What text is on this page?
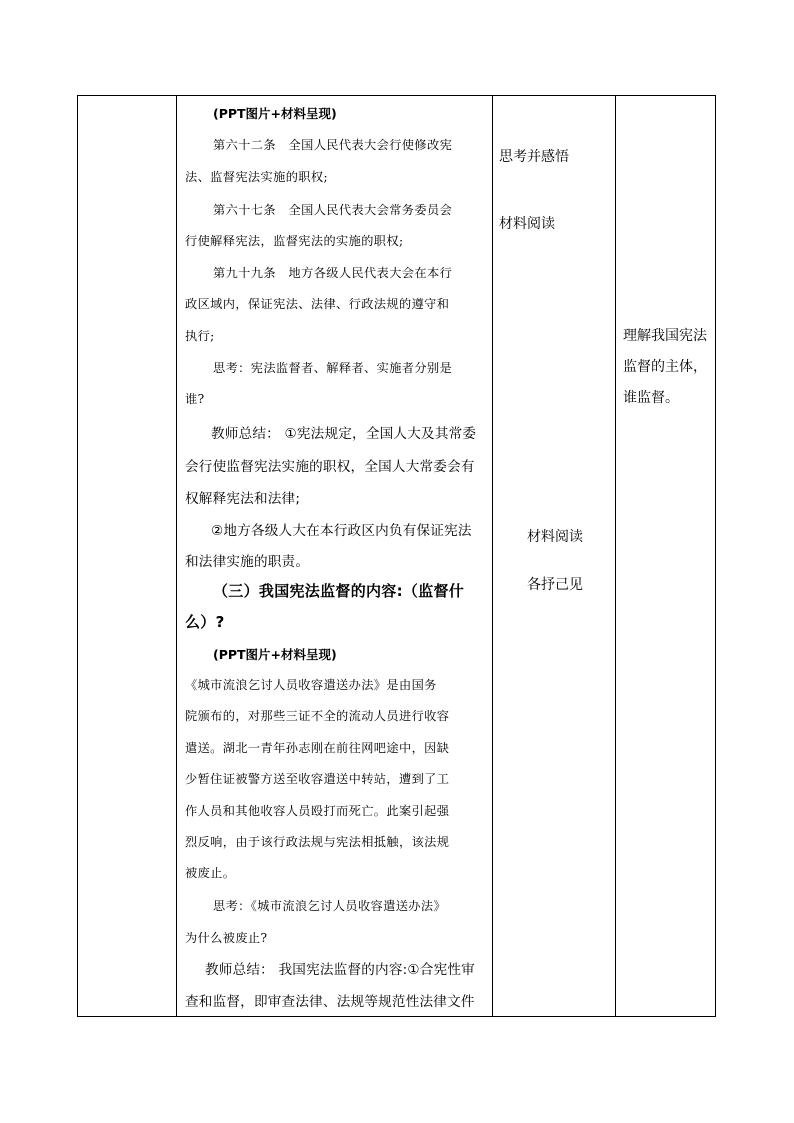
(PPT图片+材料呈现)
第六十二条　全国人民代表大会行使修改宪
法、监督宪法实施的职权;
第六十七条　全国人民代表大会常务委员会
行使解释宪法，监督宪法的实施的职权;
第九十九条　地方各级人民代表大会在本行
政区域内，保证宪法、法律、行政法规的遵守和
执行;
思考：宪法监督者、解释者、实施者分别是
谁?
教师总结： ①宪法规定，全国人大及其常委
会行使监督宪法实施的职权，全国人大常委会有
权解释宪法和法律;
②地方各级人大在本行政区内负有保证宪法
和法律实施的职责。
（三）我国宪法监督的内容:（监督什
么）?
(PPT图片+材料呈现)
《城市流浪乞讨人员收容遣送办法》是由国务
院颁布的，对那些三证不全的流动人员进行收容
遣送。湖北一青年孙志刚在前往网吧途中，因缺
少暂住证被警方送至收容遣送中转站，遭到了工
作人员和其他收容人员殴打而死亡。此案引起强
烈反响，由于该行政法规与宪法相抵触，该法规
被废止。
思考：《城市流浪乞讨人员收容遣送办法》
为什么被废止?
教师总结： 我国宪法监督的内容:①合宪性审
查和监督，即审查法律、法规等规范性法律文件
思考并感悟
材料阅读
材料阅读
各抒己见
理解我国宪法
监督的主体，
谁监督。
